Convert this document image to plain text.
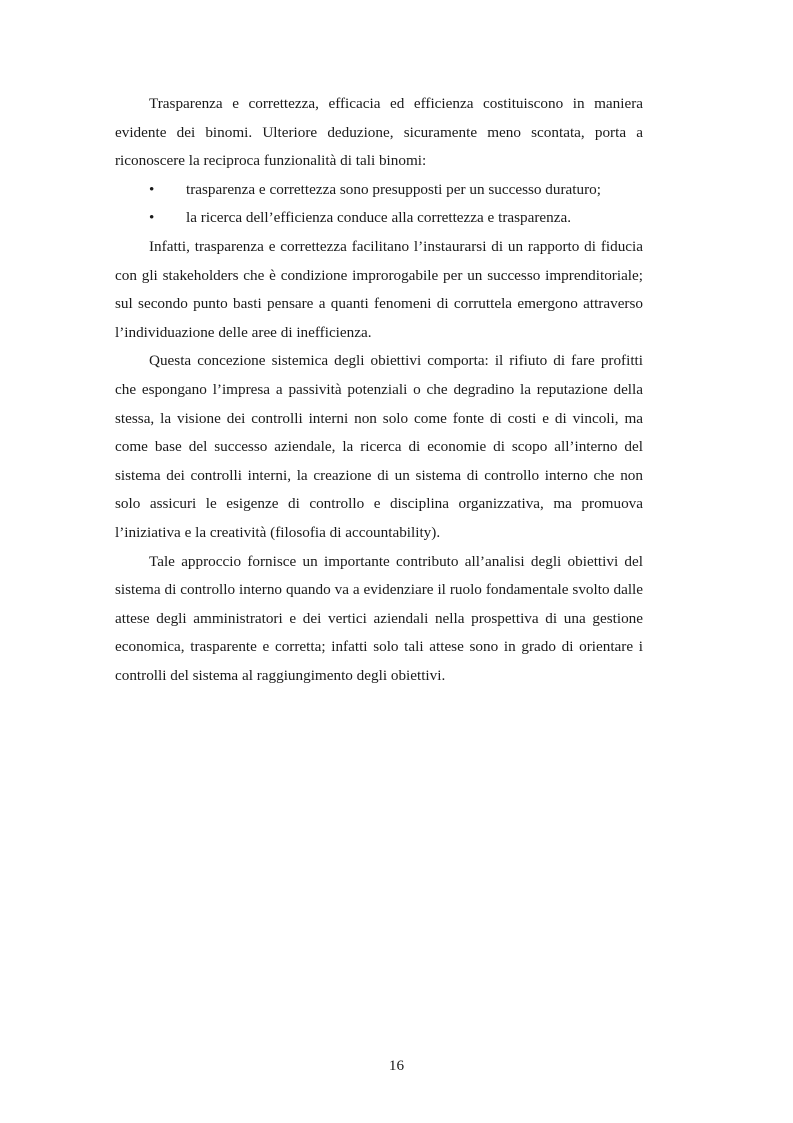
Trasparenza e correttezza, efficacia ed efficienza costituiscono in maniera evidente dei binomi. Ulteriore deduzione, sicuramente meno scontata, porta a riconoscere la reciproca funzionalità di tali binomi:

• trasparenza e correttezza sono presupposti per un successo duraturo;
• la ricerca dell’efficienza conduce alla correttezza e trasparenza.

Infatti, trasparenza e correttezza facilitano l’instaurarsi di un rapporto di fiducia con gli stakeholders che è condizione improrogabile per un successo imprenditoriale; sul secondo punto basti pensare a quanti fenomeni di corruttela emergono attraverso l’individuazione delle aree di inefficienza.

Questa concezione sistemica degli obiettivi comporta: il rifiuto di fare profitti che espongano l’impresa a passività potenziali o che degradino la reputazione della stessa, la visione dei controlli interni non solo come fonte di costi e di vincoli, ma come base del successo aziendale, la ricerca di economie di scopo all’interno del sistema dei controlli interni, la creazione di un sistema di controllo interno che non solo assicuri le esigenze di controllo e disciplina organizzativa, ma promuova l’iniziativa e la creatività (filosofia di accountability).

Tale approccio fornisce un importante contributo all’analisi degli obiettivi del sistema di controllo interno quando va a evidenziare il ruolo fondamentale svolto dalle attese degli amministratori e dei vertici aziendali nella prospettiva di una gestione economica, trasparente e corretta; infatti solo tali attese sono in grado di orientare i controlli del sistema al raggiungimento degli obiettivi.

16
